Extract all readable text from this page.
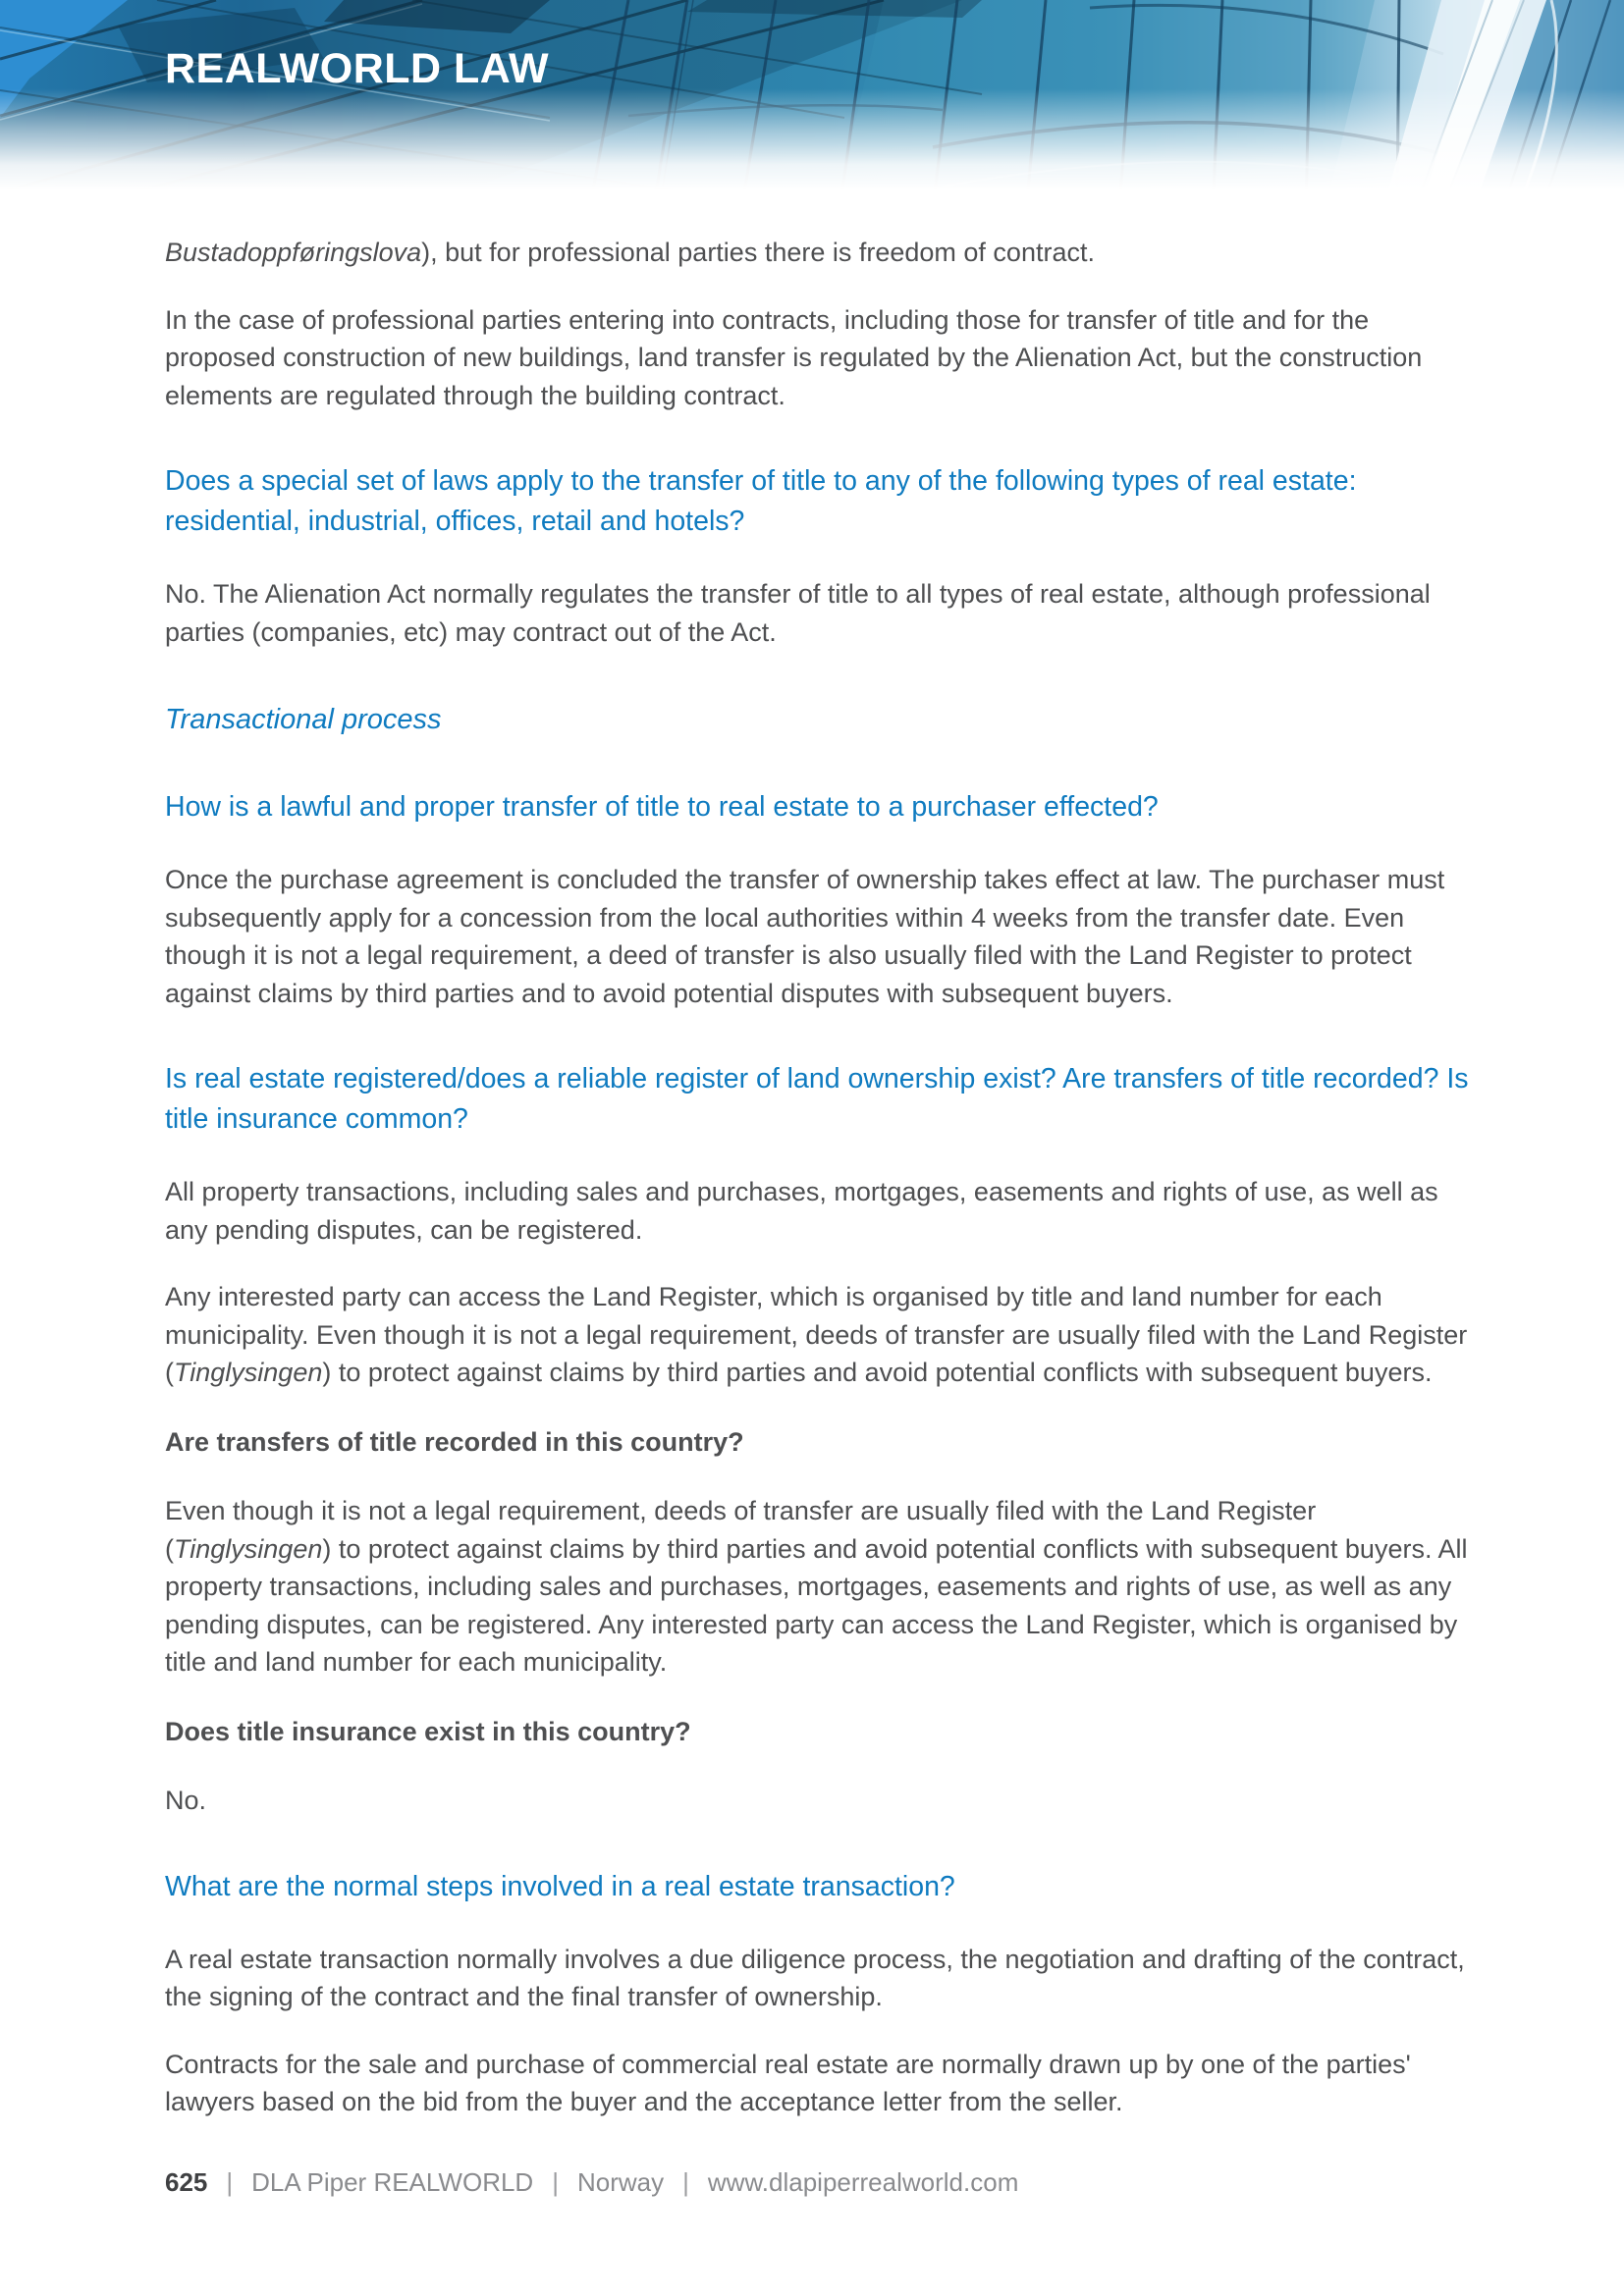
REALWORLD LAW

Bustadoppføringslova), but for professional parties there is freedom of contract.

In the case of professional parties entering into contracts, including those for transfer of title and for the proposed construction of new buildings, land transfer is regulated by the Alienation Act, but the construction elements are regulated through the building contract.

Does a special set of laws apply to the transfer of title to any of the following types of real estate: residential, industrial, offices, retail and hotels?

No. The Alienation Act normally regulates the transfer of title to all types of real estate, although professional parties (companies, etc) may contract out of the Act.

Transactional process
How is a lawful and proper transfer of title to real estate to a purchaser effected?

Once the purchase agreement is concluded the transfer of ownership takes effect at law. The purchaser must subsequently apply for a concession from the local authorities within 4 weeks from the transfer date. Even though it is not a legal requirement, a deed of transfer is also usually filed with the Land Register to protect against claims by third parties and to avoid potential disputes with subsequent buyers.

Is real estate registered/does a reliable register of land ownership exist? Are transfers of title recorded? Is title insurance common?

All property transactions, including sales and purchases, mortgages, easements and rights of use, as well as any pending disputes, can be registered.

Any interested party can access the Land Register, which is organised by title and land number for each municipality. Even though it is not a legal requirement, deeds of transfer are usually filed with the Land Register (Tinglysingen) to protect against claims by third parties and avoid potential conflicts with subsequent buyers.

Are transfers of title recorded in this country?

Even though it is not a legal requirement, deeds of transfer are usually filed with the Land Register (Tinglysingen) to protect against claims by third parties and avoid potential conflicts with subsequent buyers. All property transactions, including sales and purchases, mortgages, easements and rights of use, as well as any pending disputes, can be registered. Any interested party can access the Land Register, which is organised by title and land number for each municipality.

Does title insurance exist in this country?

No.

What are the normal steps involved in a real estate transaction?

A real estate transaction normally involves a due diligence process, the negotiation and drafting of the contract, the signing of the contract and the final transfer of ownership.

Contracts for the sale and purchase of commercial real estate are normally drawn up by one of the parties' lawyers based on the bid from the buyer and the acceptance letter from the seller.

625 | DLA Piper REALWORLD | Norway | www.dlapiperrealworld.com
